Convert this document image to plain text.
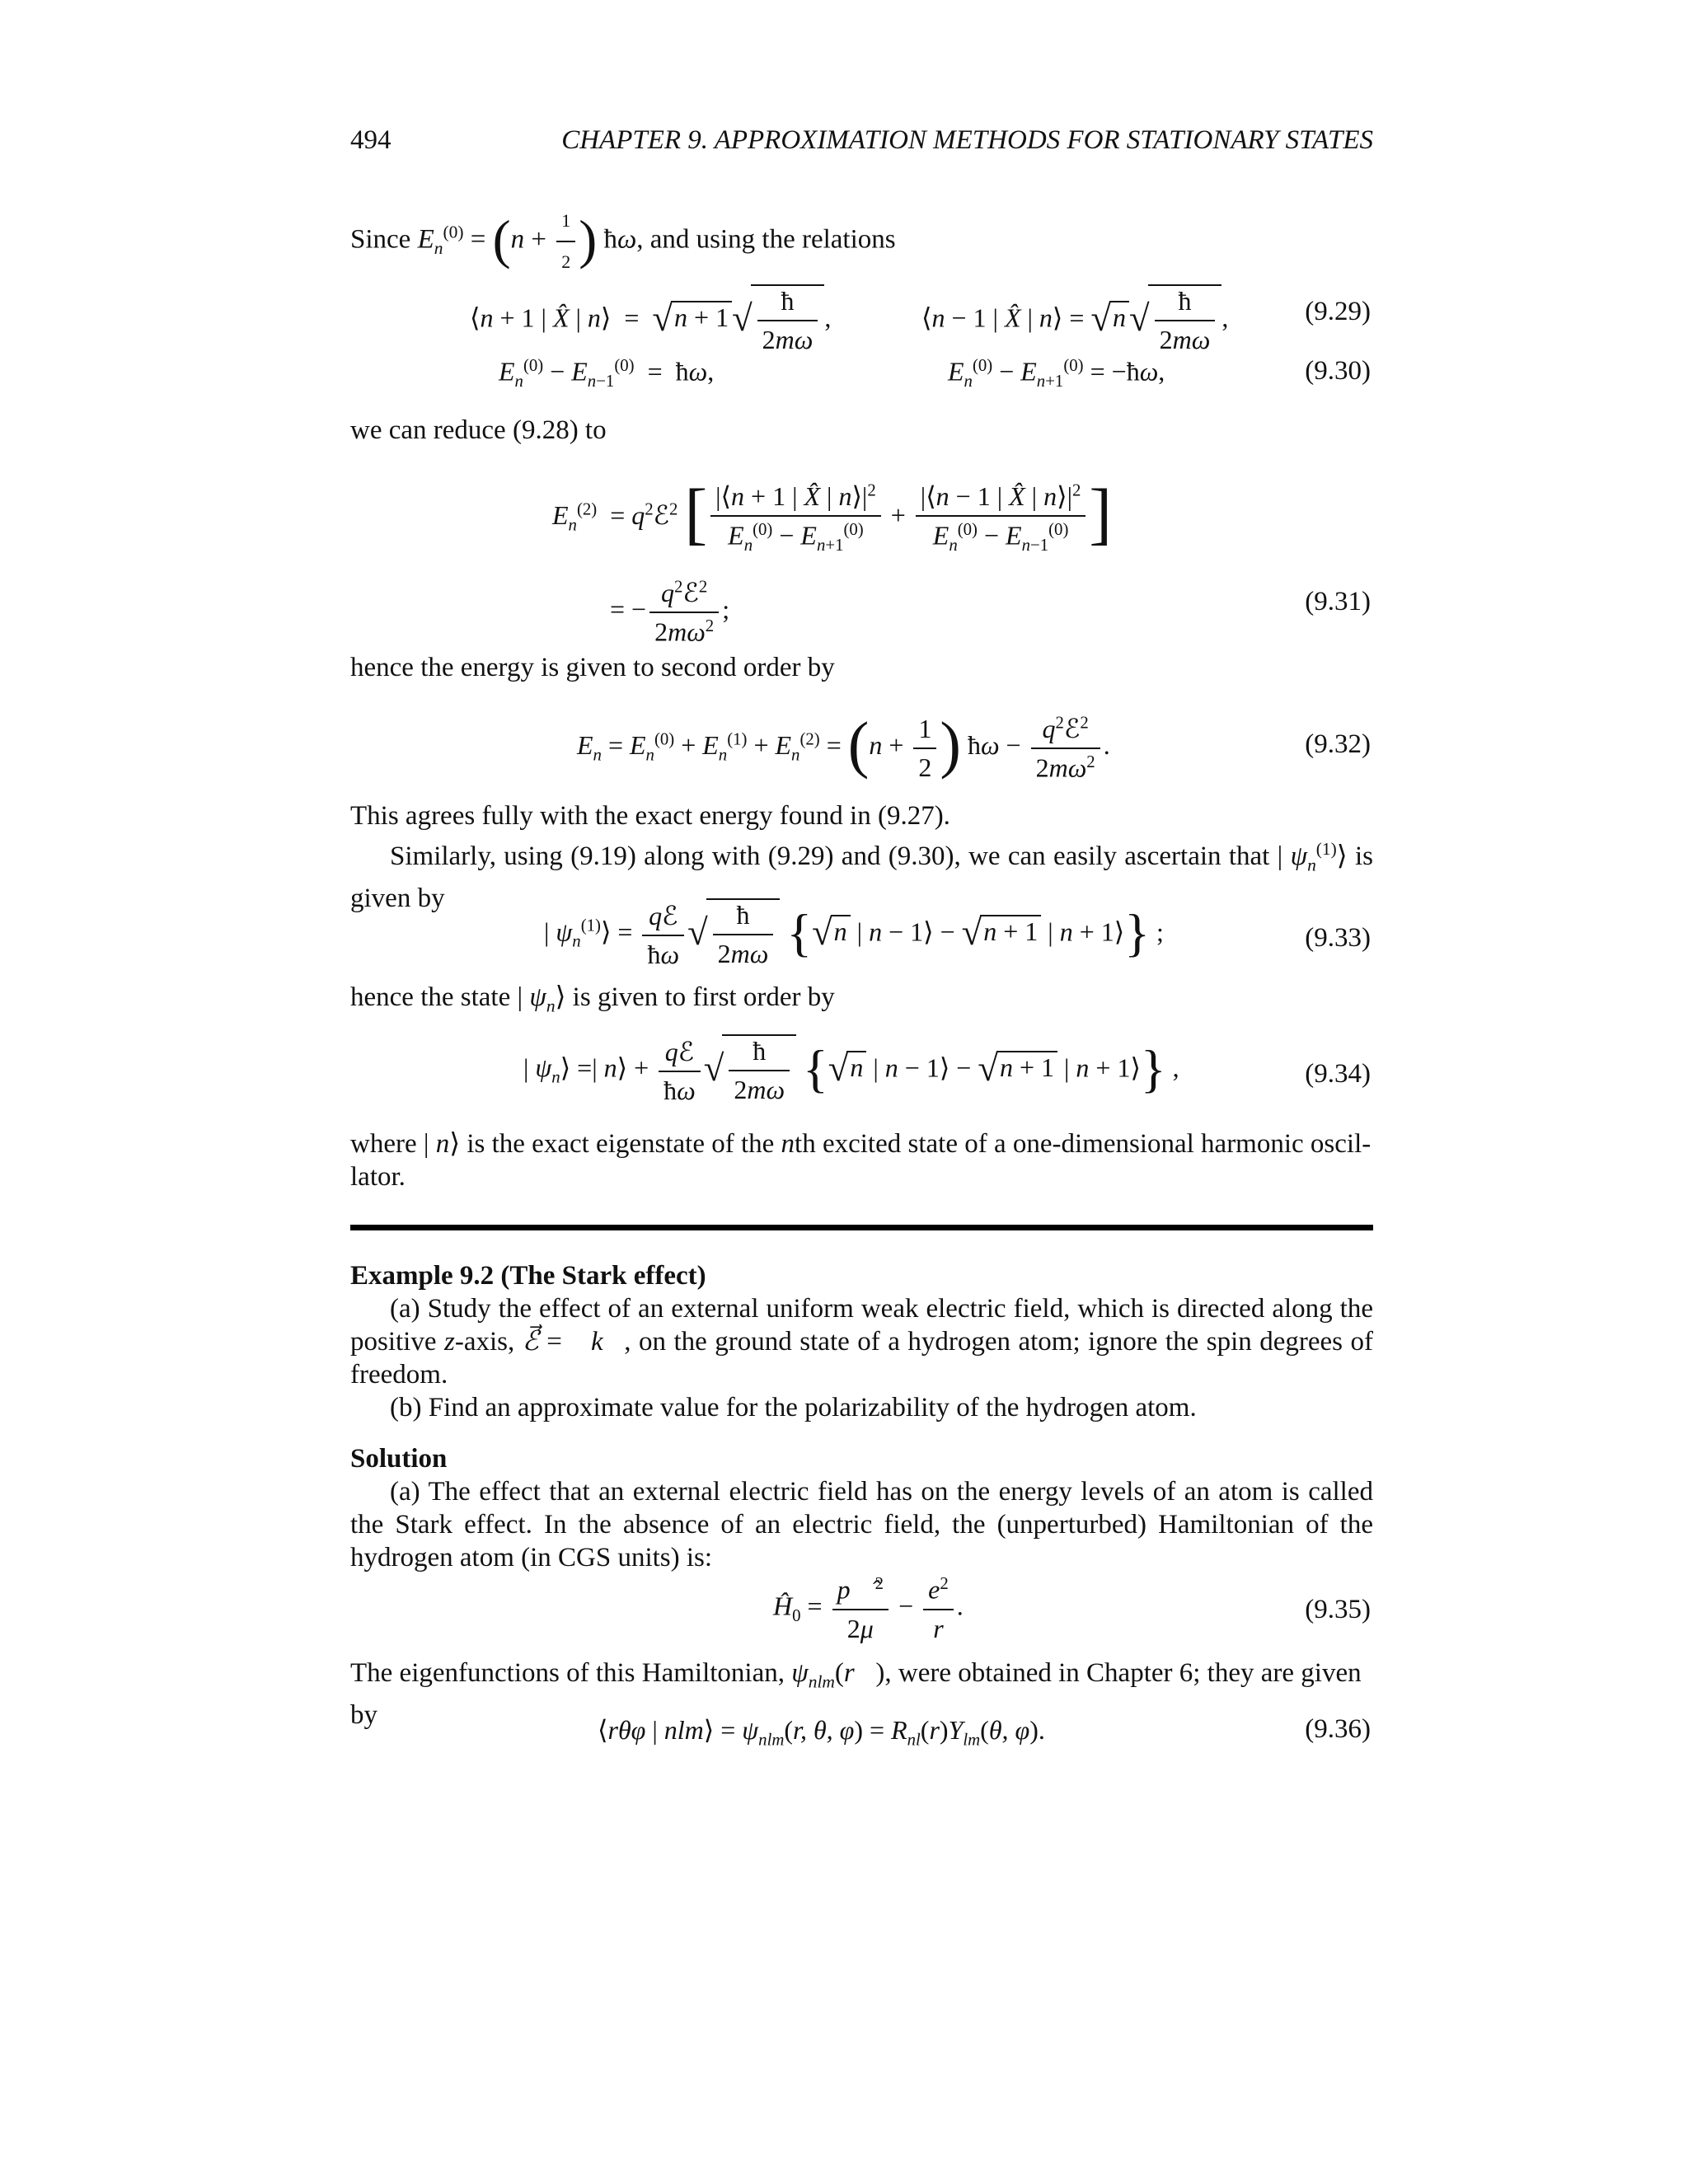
494	CHAPTER 9. APPROXIMATION METHODS FOR STATIONARY STATES
Since $E_n^{(0)} = (n + \frac{1}{2}$ ) ħω, and using the relations
⟨n + 1 | X̂ | n⟩  =  $√n + 1√ \frac{ħ}{2m\omega}$ ,	⟨n − 1 | X̂ | n⟩ = $√n√ \frac{ħ}{2m\omega}$ ,	(9.29)
$E_n^{(0)} - E_{n-1}^{(0)}$  =  ħω,	$E_n^{(0)} - E_{n+1}^{(0)}$ = −ħω,	(9.30)
we can reduce (9.28) to
$E_n^{(2)}$  = $q^2ℰ^2$ [ $\frac{|⟨n + 1 | X̂ | n⟩|^2}{E_n^{(0)} - E_{n+1}^{(0)}} + \frac{|⟨n - 1 | X̂ | n⟩|^2}{E_n^{(0)} - E_{n-1}^{(0)}}$ ]
= − $\frac{q^2ℰ^2}{2m\omega^2}$ ;	(9.31)
hence the energy is given to second order by
$E_n = E_n^{(0)} + E_n^{(1)} + E_n^{(2)} = (n + \frac{1}{2}$ ) ħω − $\frac{q^2ℰ^2}{2m\omega^2}$ .	(9.32)
This agrees fully with the exact energy found in (9.27).
Similarly, using (9.19) along with (9.29) and (9.30), we can easily ascertain that | $\psi_n^{(1)}⟩$ is given by
| $\psi_n^{(1)}⟩ = \frac{\text{qℰ}}{ħ\omega}$ √ $\frac{ħ}{2m\omega} \{√n$ | n − 1⟩ − √n + 1 | n + 1⟩} ;	(9.33)
hence the state | $\psi_n⟩$ is given to first order by
| $\psi_n⟩$ =| n⟩ + $\frac{\text{qℰ}}{ħ\omega}$ √ $\frac{ħ}{2m\omega} \{√n$ | n − 1⟩ − √n + 1 | n + 1⟩} ,	(9.34)
where | n⟩ is the exact eigenstate of the nth excited state of a one-dimensional harmonic oscil-
lator.
Example 9.2 (The Stark effect)
(a) Study the effect of an external uniform weak electric field, which is directed along the positive z-axis, ℰ⃗ = ℰk⃗, on the ground state of a hydrogen atom; ignore the spin degrees of freedom.
(b) Find an approximate value for the polarizability of the hydrogen atom.
Solution
(a) The effect that an external electric field has on the energy levels of an atom is called the Stark effect. In the absence of an electric field, the (unperturbed) Hamiltonian of the hydrogen atom (in CGS units) is:
$Ĥ_0 = \frac{p⃗̂ ^2}{2\mu} - \frac{e^2}{r}$ .	(9.35)
The eigenfunctions of this Hamiltonian, $\psi_{nlm}(r⃗)$, were obtained in Chapter 6; they are given by
⟨rθφ | nlm⟩ = $\psi_{nlm}(r$, θ, $\varphi) = R_{nl}(r)Y_{lm}(\theta$, φ).	(9.36)
